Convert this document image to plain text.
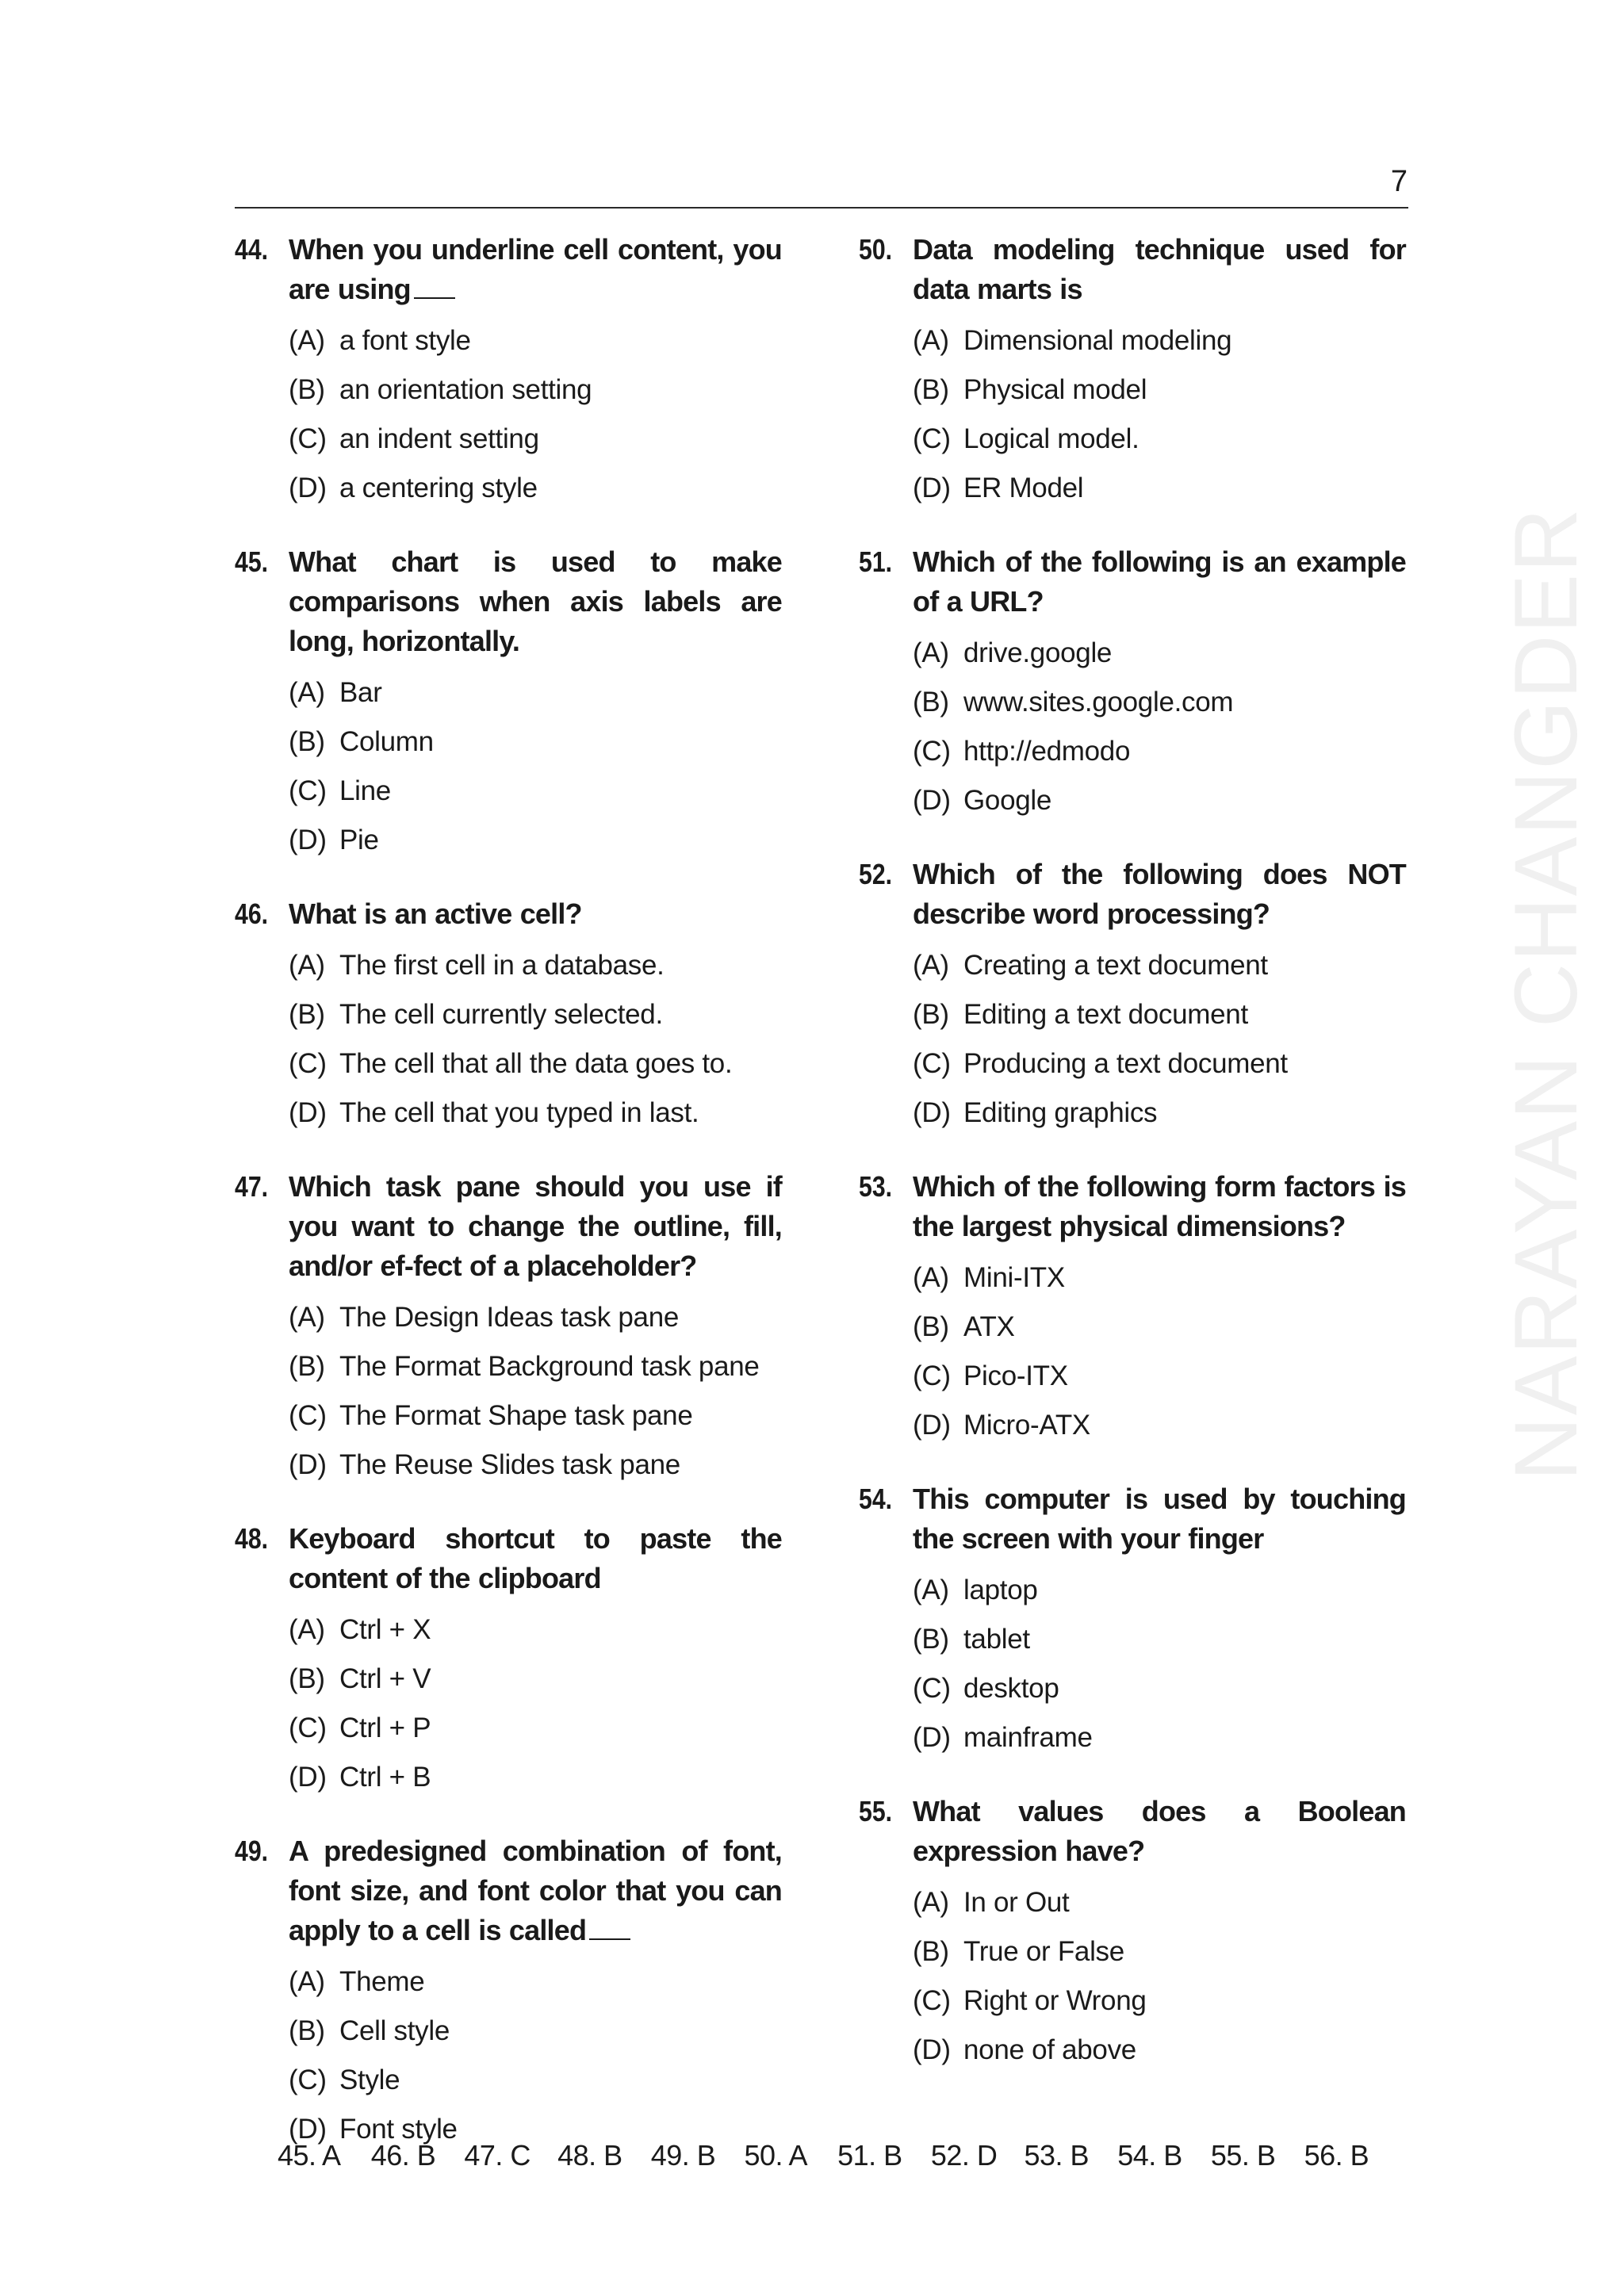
7
NARAYAN CHANGDER
44. When you underline cell content, you are using
(A) a font style
(B) an orientation setting
(C) an indent setting
(D) a centering style
45. What chart is used to make comparisons when axis labels are long, horizontally.
(A) Bar
(B) Column
(C) Line
(D) Pie
46. What is an active cell?
(A) The first cell in a database.
(B) The cell currently selected.
(C) The cell that all the data goes to.
(D) The cell that you typed in last.
47. Which task pane should you use if you want to change the outline, fill, and/or ef-fect of a placeholder?
(A) The Design Ideas task pane
(B) The Format Background task pane
(C) The Format Shape task pane
(D) The Reuse Slides task pane
48. Keyboard shortcut to paste the content of the clipboard
(A) Ctrl + X
(B) Ctrl + V
(C) Ctrl + P
(D) Ctrl + B
49. A predesigned combination of font, font size, and font color that you can apply to a cell is called
(A) Theme
(B) Cell style
(C) Style
(D) Font style
50. Data modeling technique used for data marts is
(A) Dimensional modeling
(B) Physical model
(C) Logical model.
(D) ER Model
51. Which of the following is an example of a URL?
(A) drive.google
(B) www.sites.google.com
(C) http://edmodo
(D) Google
52. Which of the following does NOT describe word processing?
(A) Creating a text document
(B) Editing a text document
(C) Producing a text document
(D) Editing graphics
53. Which of the following form factors is the largest physical dimensions?
(A) Mini-ITX
(B) ATX
(C) Pico-ITX
(D) Micro-ATX
54. This computer is used by touching the screen with your finger
(A) laptop
(B) tablet
(C) desktop
(D) mainframe
55. What values does a Boolean expression have?
(A) In or Out
(B) True or False
(C) Right or Wrong
(D) none of above
45. A	46. B	47. C 48. B	49. B	50. A	51. B	52. D 53. B	54. B	55. B	56. B
